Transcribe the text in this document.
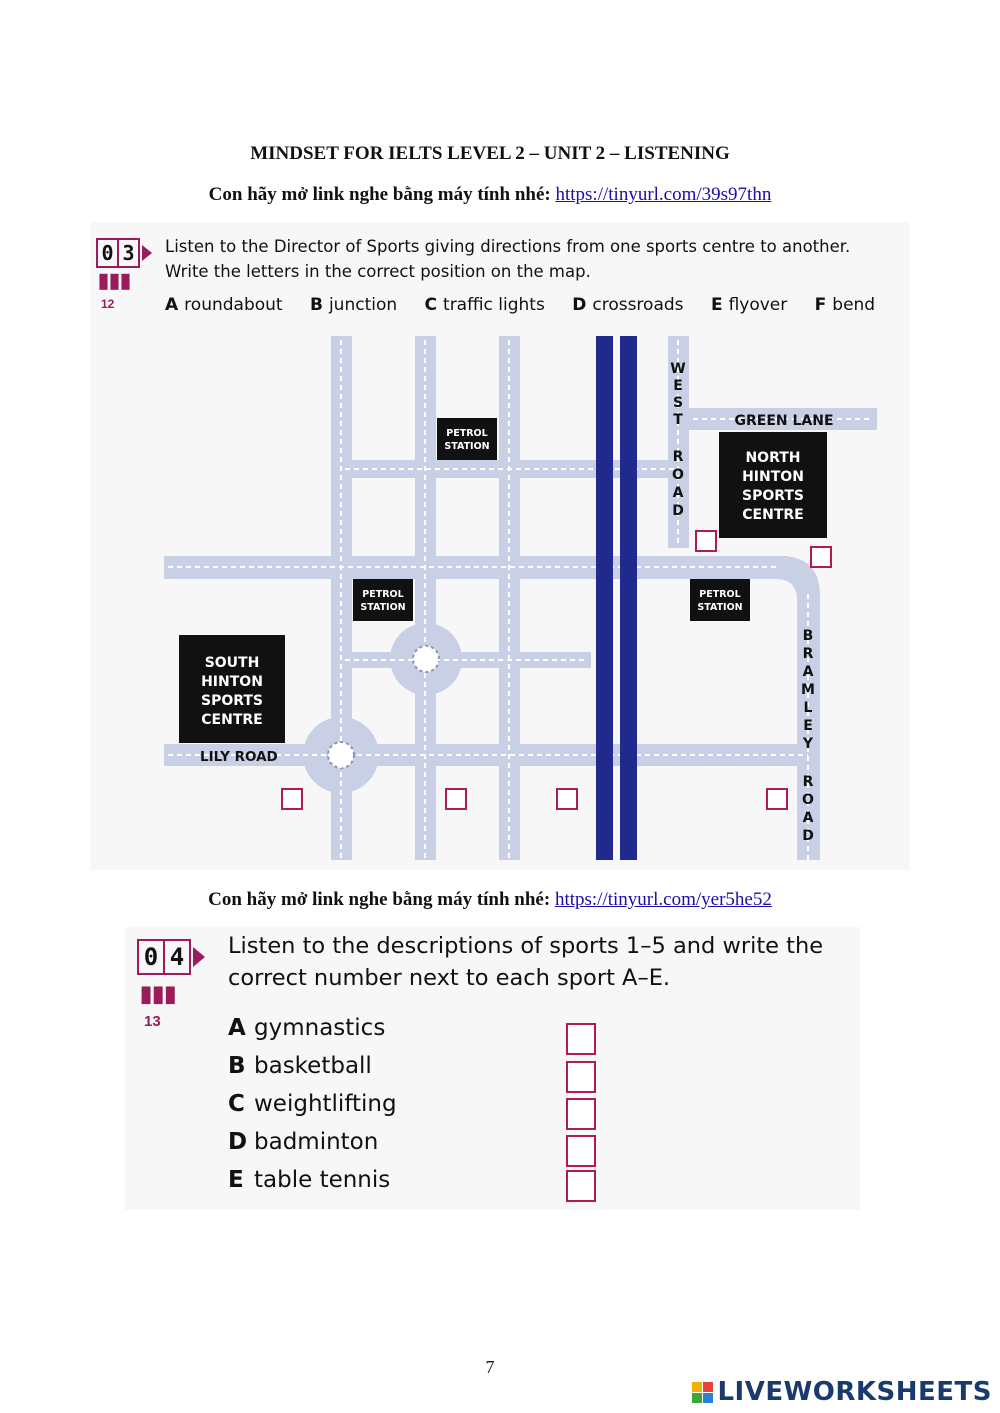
MINDSET FOR IELTS LEVEL 2 – UNIT 2 – LISTENING
Con hãy mở link nghe bằng máy tính nhé: https://tinyurl.com/39s97thn
0 3
▮▮▮
12
Listen to the Director of Sports giving directions from one sports centre to another.
Write the letters in the correct position on the map.
A roundabout B junction C traffic lights D crossroads E flyover F bend
PETROL
STATION
PETROL
STATION
PETROL
STATION
NORTH
HINTON
SPORTS
CENTRE
SOUTH
HINTON
SPORTS
CENTRE
GREEN LANE
LILY ROAD
W
E
S
T
R
O
A
D
B
R
A
M
L
E
Y
R
O
A
D
Con hãy mở link nghe bằng máy tính nhé: https://tinyurl.com/yer5he52
0 4
▮▮▮
13
Listen to the descriptions of sports 1–5 and write the
correct number next to each sport A–E.
A gymnastics
B basketball
C weightlifting
D badminton
E table tennis
7
LIVEWORKSHEETS
